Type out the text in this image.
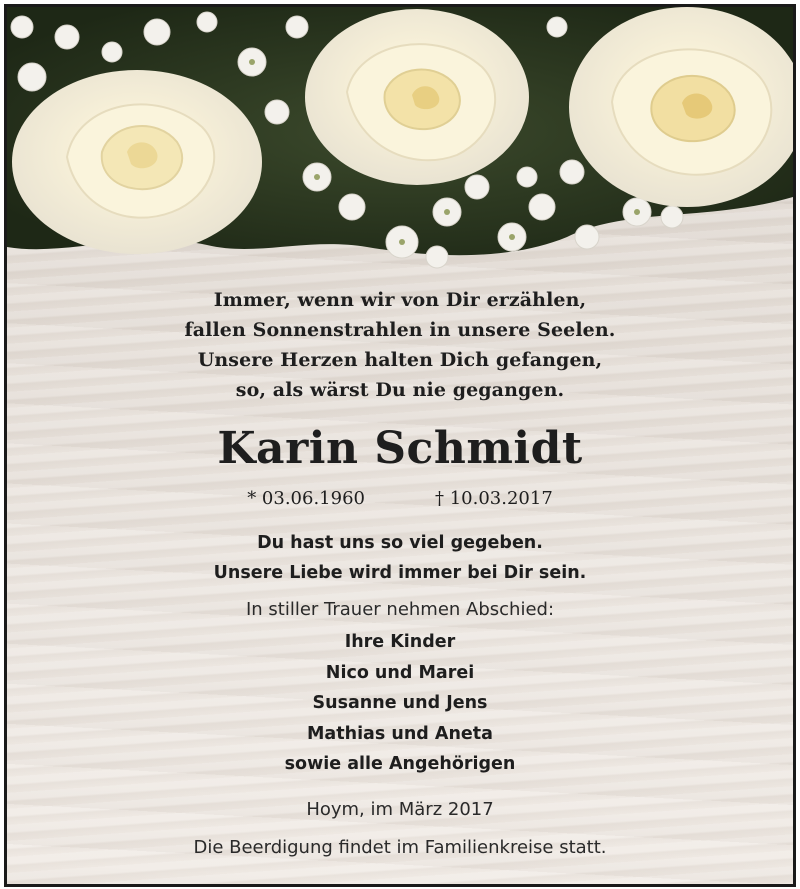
Immer, wenn wir von Dir erzählen,
fallen Sonnenstrahlen in unsere Seelen.
Unsere Herzen halten Dich gefangen,
so, als wärst Du nie gegangen.
Karin Schmidt
* 03.06.1960	† 10.03.2017
Du hast uns so viel gegeben.
Unsere Liebe wird immer bei Dir sein.
In stiller Trauer nehmen Abschied:
Ihre Kinder
Nico und Marei
Susanne und Jens
Mathias und Aneta
sowie alle Angehörigen
Hoym, im März 2017
Die Beerdigung findet im Familienkreise statt.
